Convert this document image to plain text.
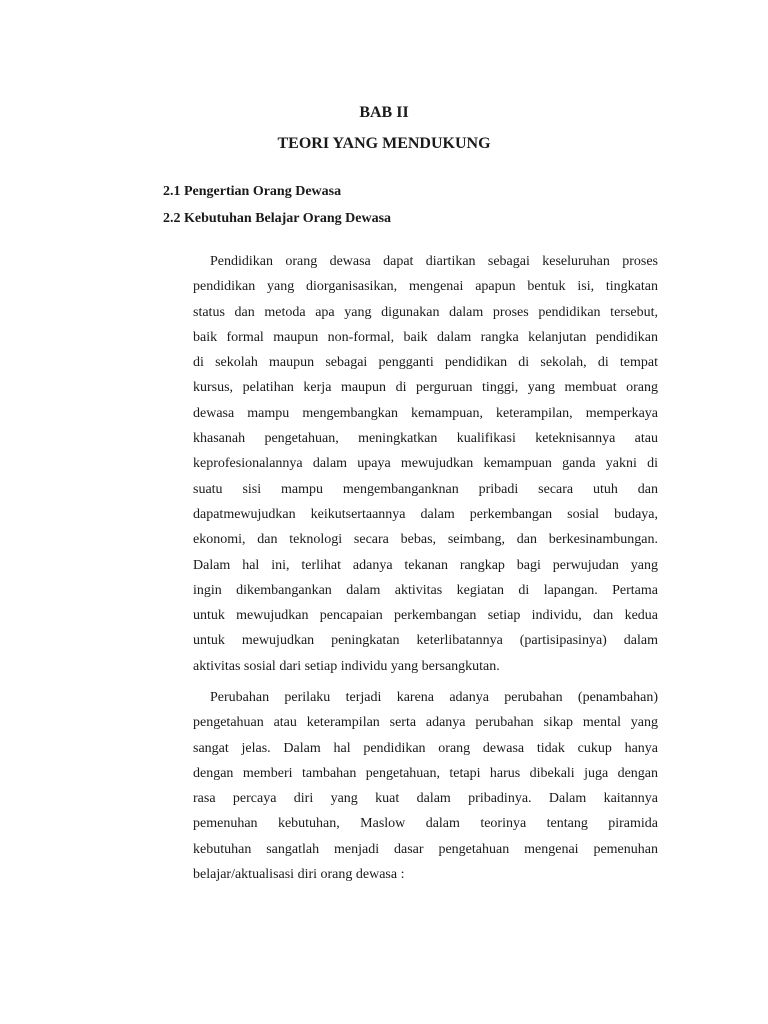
BAB II
TEORI YANG MENDUKUNG
2.1 Pengertian Orang Dewasa
2.2 Kebutuhan Belajar Orang Dewasa
Pendidikan orang dewasa dapat diartikan sebagai keseluruhan proses
pendidikan yang diorganisasikan, mengenai apapun bentuk isi, tingkatan
status dan metoda apa yang digunakan dalam proses pendidikan tersebut,
baik formal maupun non-formal, baik dalam rangka kelanjutan pendidikan
di sekolah maupun sebagai pengganti pendidikan di sekolah, di tempat
kursus, pelatihan kerja maupun di perguruan tinggi, yang membuat orang
dewasa mampu mengembangkan kemampuan, keterampilan, memperkaya
khasanah pengetahuan, meningkatkan kualifikasi keteknisannya atau
keprofesionalannya dalam upaya mewujudkan kemampuan ganda yakni di
suatu sisi mampu mengembanganknan pribadi secara utuh dan
dapatmewujudkan keikutsertaannya dalam perkembangan sosial budaya,
ekonomi, dan teknologi secara bebas, seimbang, dan berkesinambungan.
Dalam hal ini, terlihat adanya tekanan rangkap bagi perwujudan yang
ingin dikembangankan dalam aktivitas kegiatan di lapangan. Pertama
untuk mewujudkan pencapaian perkembangan setiap individu, dan kedua
untuk mewujudkan peningkatan keterlibatannya (partisipasinya) dalam
aktivitas sosial dari setiap individu yang bersangkutan.
Perubahan perilaku terjadi karena adanya perubahan (penambahan)
pengetahuan atau keterampilan serta adanya perubahan sikap mental yang
sangat jelas. Dalam hal pendidikan orang dewasa tidak cukup hanya
dengan memberi tambahan pengetahuan, tetapi harus dibekali juga dengan
rasa percaya diri yang kuat dalam pribadinya. Dalam kaitannya
pemenuhan kebutuhan, Maslow dalam teorinya tentang piramida
kebutuhan sangatlah menjadi dasar pengetahuan mengenai pemenuhan
belajar/aktualisasi diri orang dewasa :
